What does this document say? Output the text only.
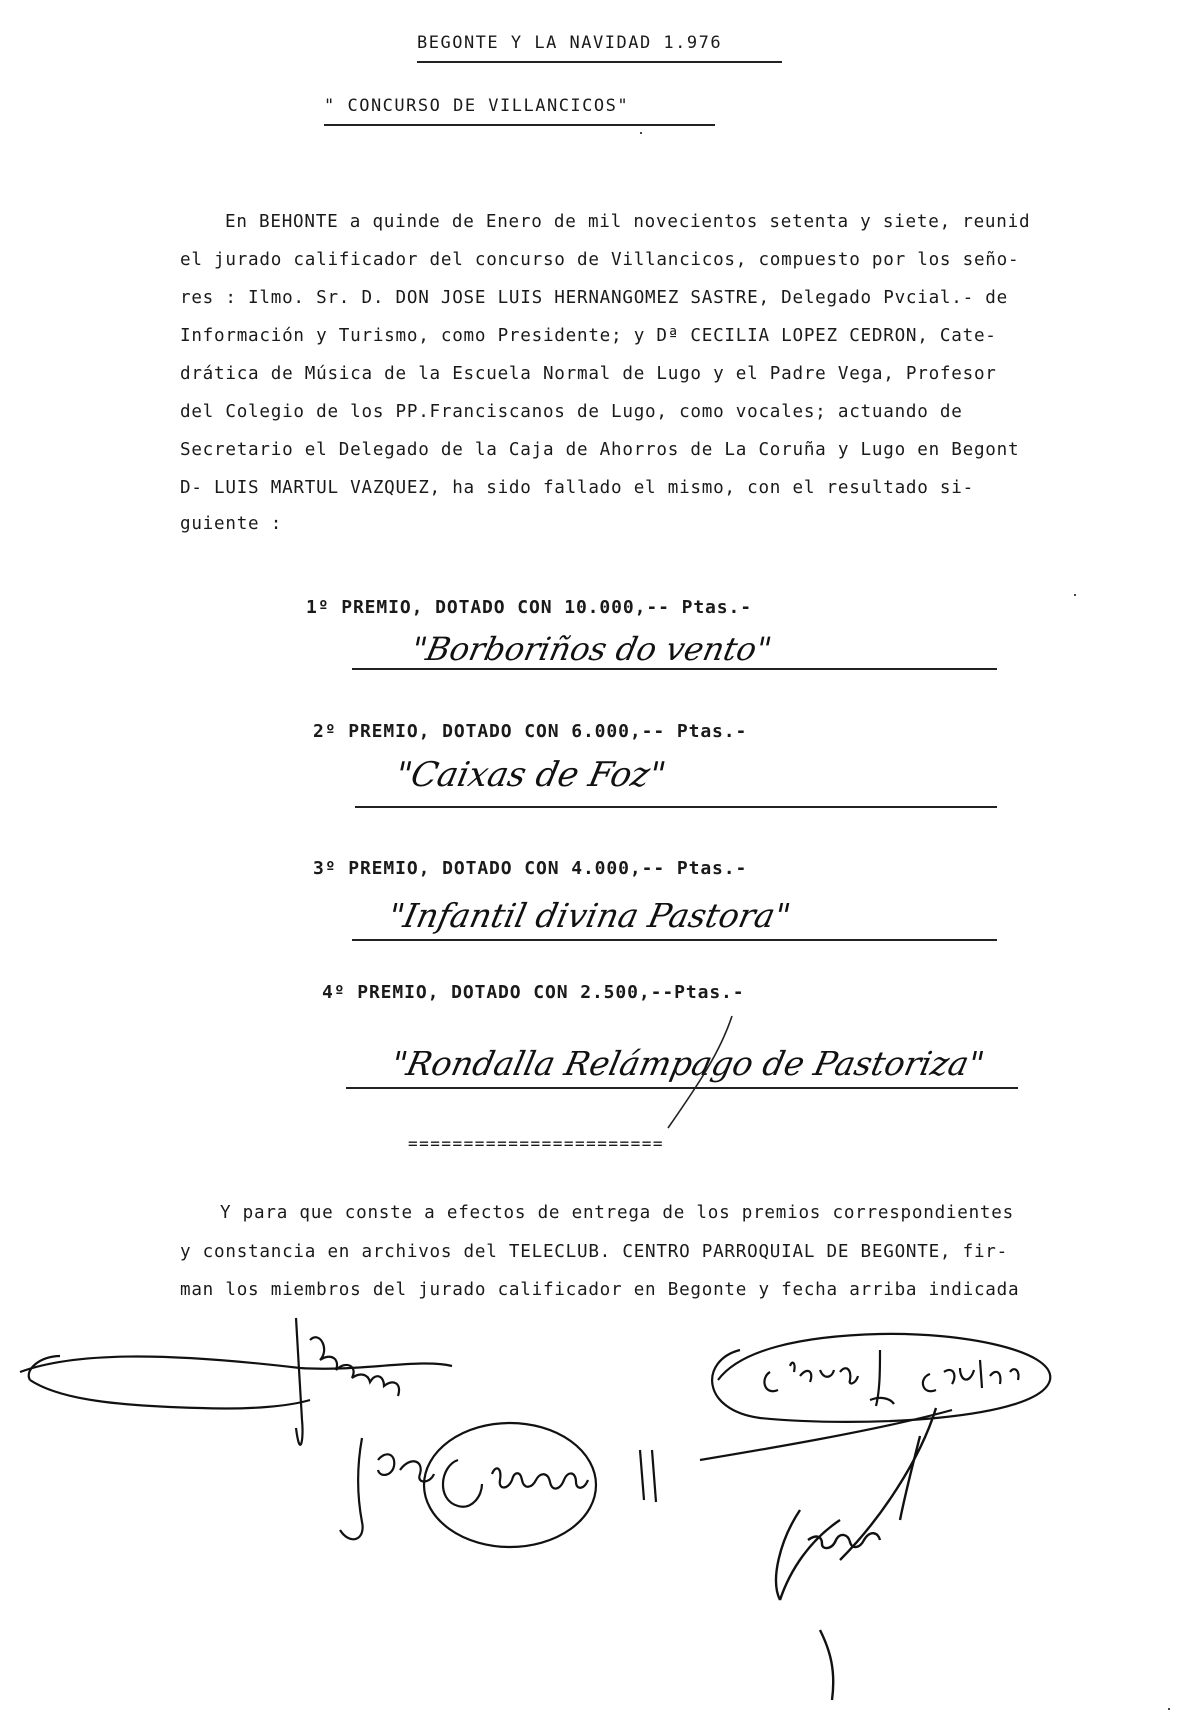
BEGONTE Y LA NAVIDAD 1.976
" CONCURSO DE VILLANCICOS"
En BEHONTE a quinde de Enero de mil novecientos setenta y siete, reunid
el jurado calificador del concurso de Villancicos, compuesto por los seño-
res : Ilmo. Sr. D. DON JOSE LUIS HERNANGOMEZ SASTRE, Delegado Pvcial.- de
Información y Turismo, como Presidente; y Dª CECILIA LOPEZ CEDRON, Cate-
drática de Música de la Escuela Normal de Lugo y el Padre Vega, Profesor
del Colegio de los PP.Franciscanos de Lugo, como vocales; actuando de
Secretario el Delegado de la Caja de Ahorros de La Coruña y Lugo en Begont
D- LUIS MARTUL VAZQUEZ, ha sido fallado el mismo, con el resultado si-
guiente :
1º PREMIO, DOTADO CON 10.000,-- Ptas.-
"Borboriños do vento"
2º PREMIO, DOTADO CON 6.000,-- Ptas.-
"Caixas de Foz"
3º PREMIO, DOTADO CON 4.000,-- Ptas.-
"Infantil divina Pastora"
4º PREMIO, DOTADO CON 2.500,--Ptas.-
"Rondalla Relámpago de Pastoriza"
=======================
Y para que conste a efectos de entrega de los premios correspondientes
y constancia en archivos del TELECLUB. CENTRO PARROQUIAL DE BEGONTE, fir-
man los miembros del jurado calificador en Begonte y fecha arriba indicada
